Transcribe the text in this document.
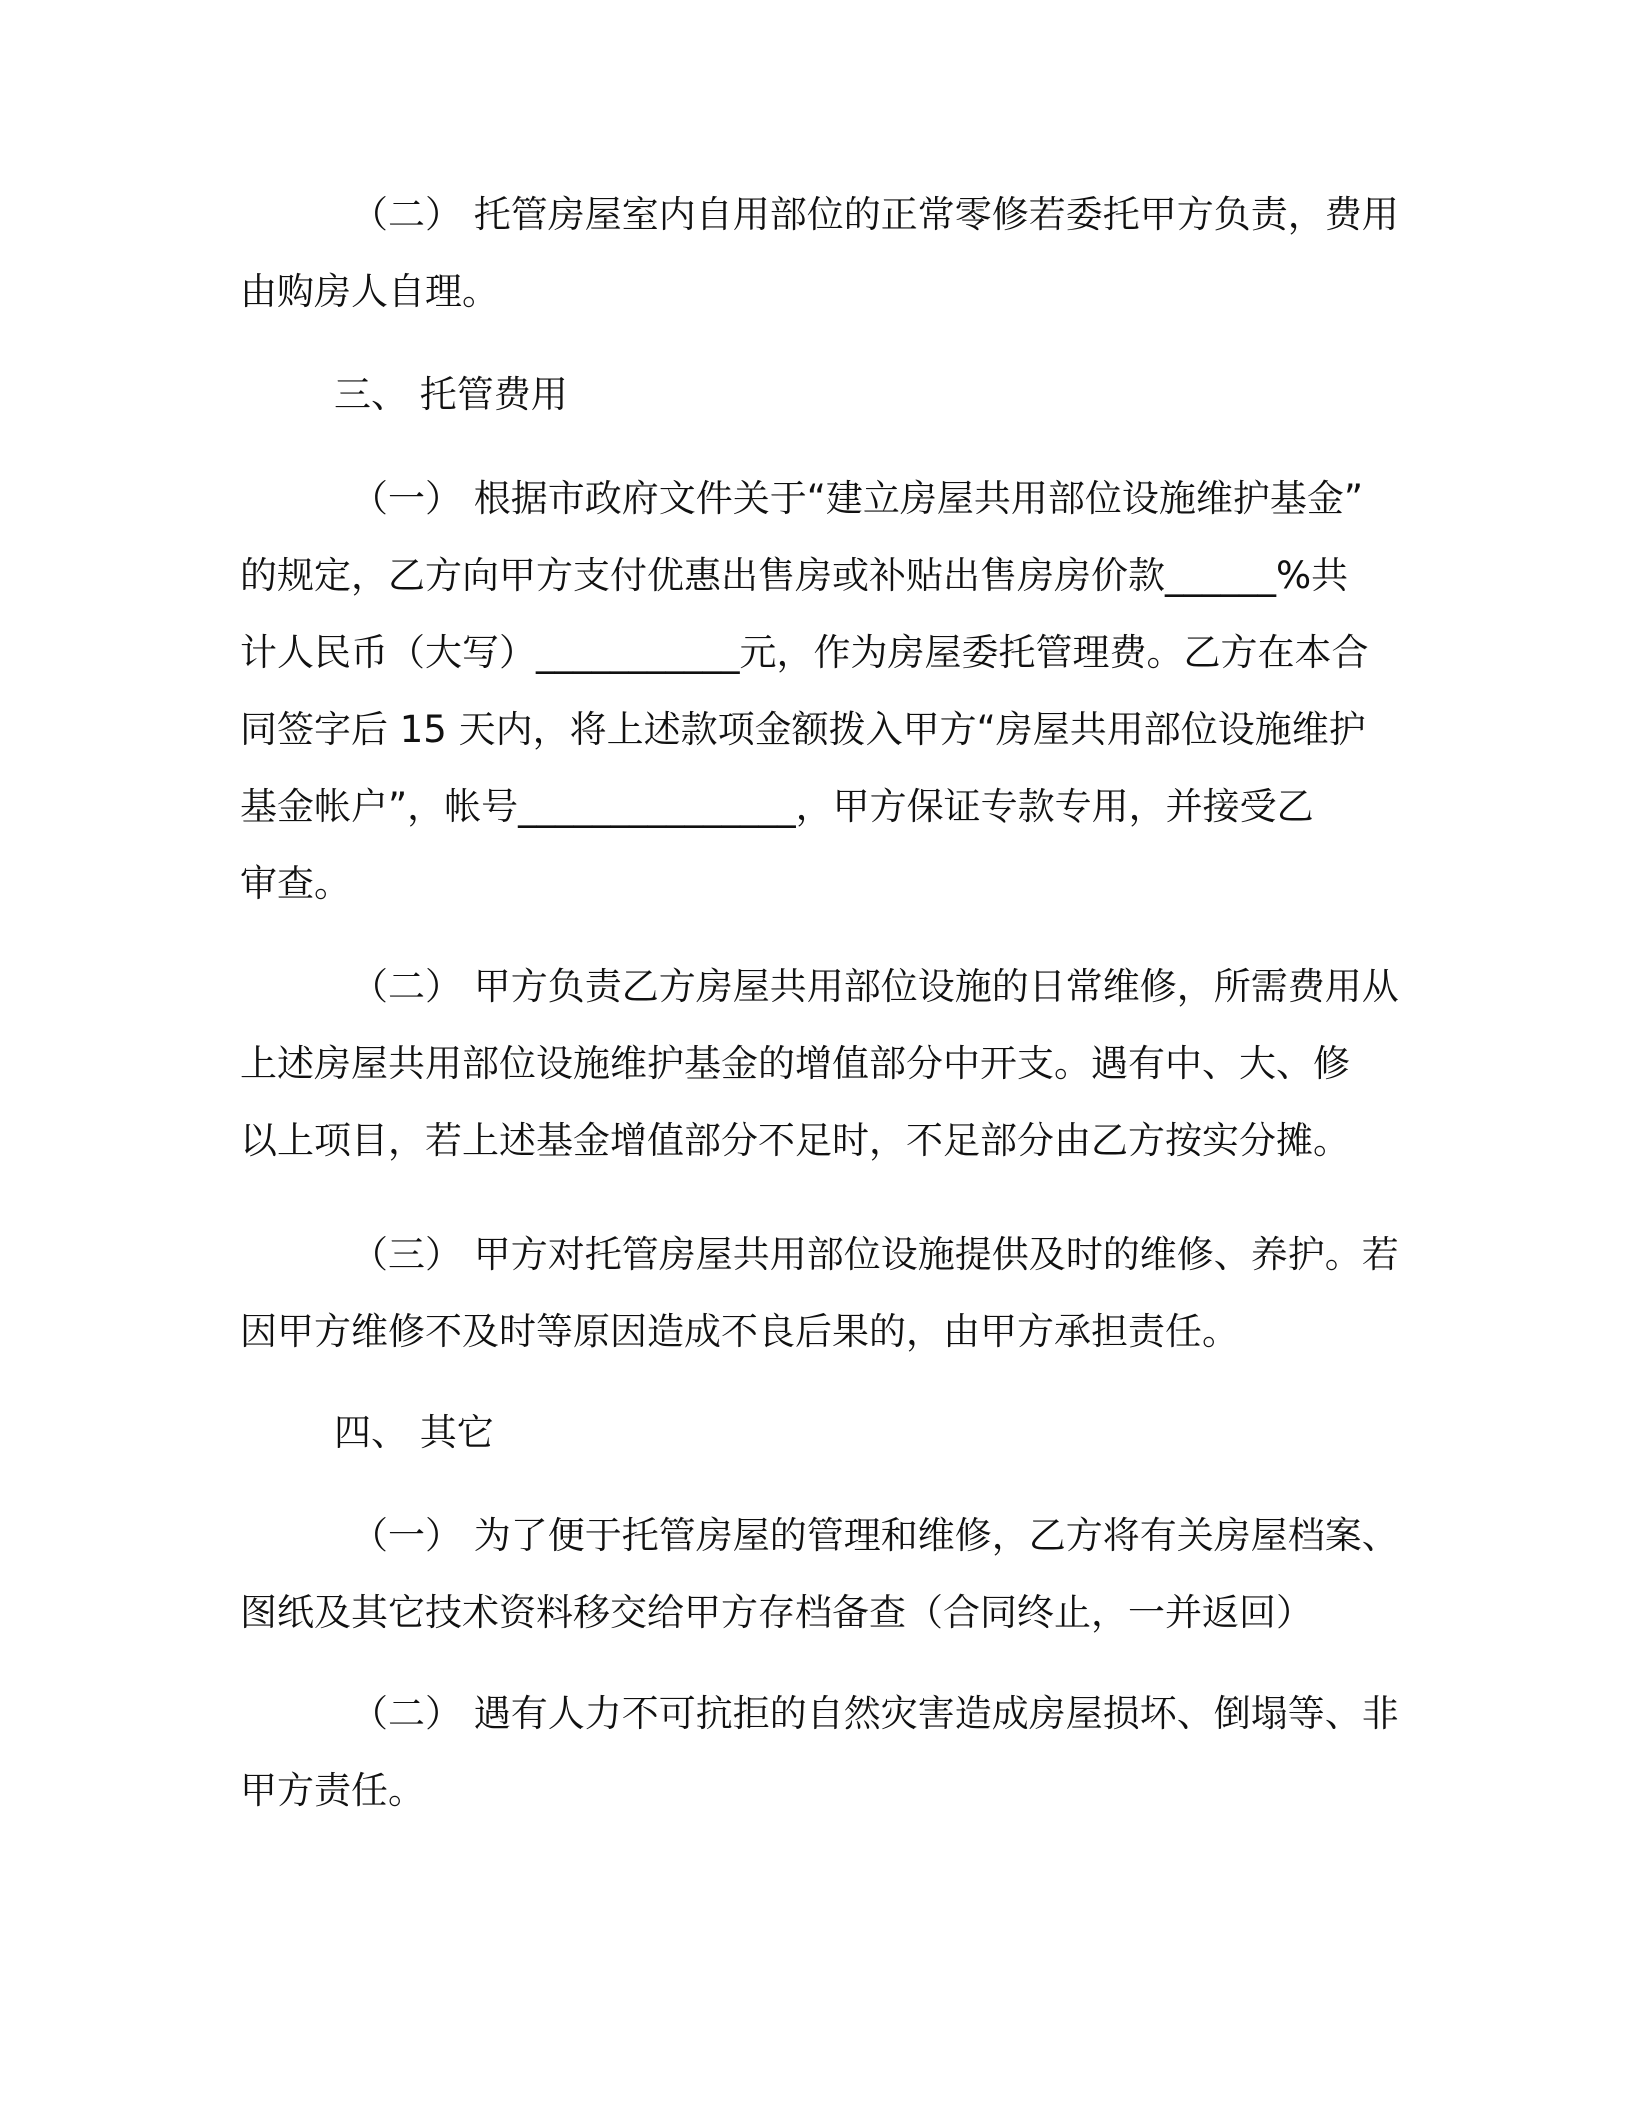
（二） 托管房屋室内自用部位的正常零修若委托甲方负责，费用
由购房人自理。
三、 托管费用
（一） 根据市政府文件关于“建立房屋共用部位设施维护基金”
的规定，乙方向甲方支付优惠出售房或补贴出售房房价款______%共
计人民币（大写）___________元，作为房屋委托管理费。乙方在本合
同签字后 15 天内，将上述款项金额拨入甲方“房屋共用部位设施维护
基金帐户”，帐号_______________，甲方保证专款专用，并接受乙
审查。
（二） 甲方负责乙方房屋共用部位设施的日常维修，所需费用从
上述房屋共用部位设施维护基金的增值部分中开支。遇有中、大、修
以上项目，若上述基金增值部分不足时，不足部分由乙方按实分摊。
（三） 甲方对托管房屋共用部位设施提供及时的维修、养护。若
因甲方维修不及时等原因造成不良后果的，由甲方承担责任。
四、 其它
（一） 为了便于托管房屋的管理和维修，乙方将有关房屋档案、
图纸及其它技术资料移交给甲方存档备查（合同终止，一并返回）
（二） 遇有人力不可抗拒的自然灾害造成房屋损坏、倒塌等、非
甲方责任。
